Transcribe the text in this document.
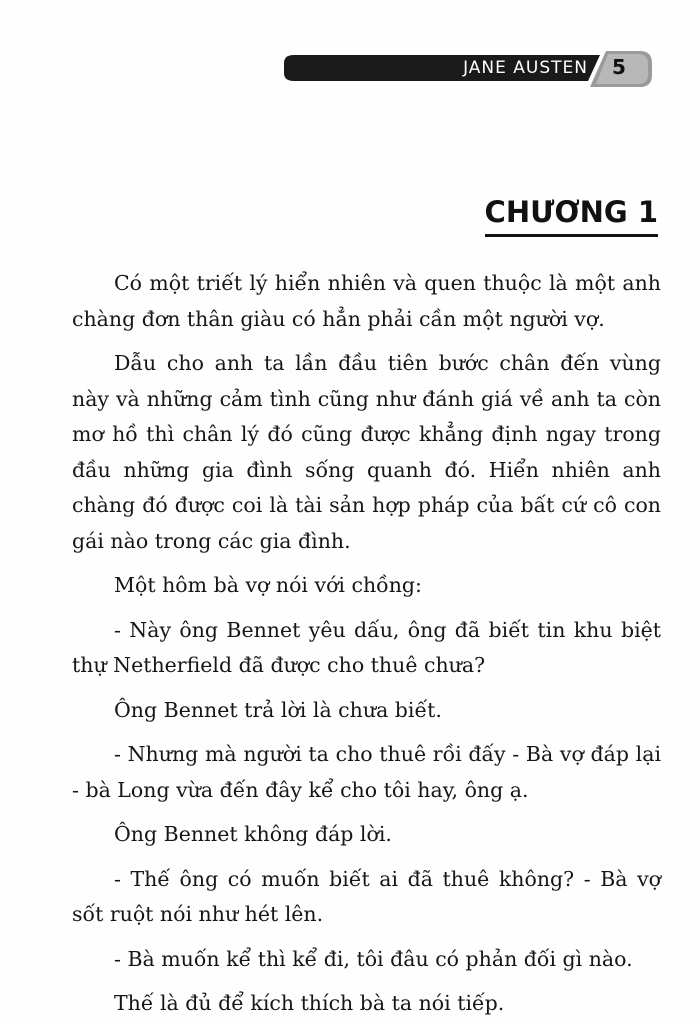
JANE AUSTEN	5
CHƯƠNG 1

Có một triết lý hiển nhiên và quen thuộc là một anh chàng đơn thân giàu có hẳn phải cần một người vợ.

Dẫu cho anh ta lần đầu tiên bước chân đến vùng này và những cảm tình cũng như đánh giá về anh ta còn mơ hồ thì chân lý đó cũng được khẳng định ngay trong đầu những gia đình sống quanh đó. Hiển nhiên anh chàng đó được coi là tài sản hợp pháp của bất cứ cô con gái nào trong các gia đình.

Một hôm bà vợ nói với chồng:

- Này ông Bennet yêu dấu, ông đã biết tin khu biệt thự Netherfield đã được cho thuê chưa?

Ông Bennet trả lời là chưa biết.

- Nhưng mà người ta cho thuê rồi đấy - Bà vợ đáp lại - bà Long vừa đến đây kể cho tôi hay, ông ạ.

Ông Bennet không đáp lời.

- Thế ông có muốn biết ai đã thuê không? - Bà vợ sốt ruột nói như hét lên.

- Bà muốn kể thì kể đi, tôi đâu có phản đối gì nào.

Thế là đủ để kích thích bà ta nói tiếp.
